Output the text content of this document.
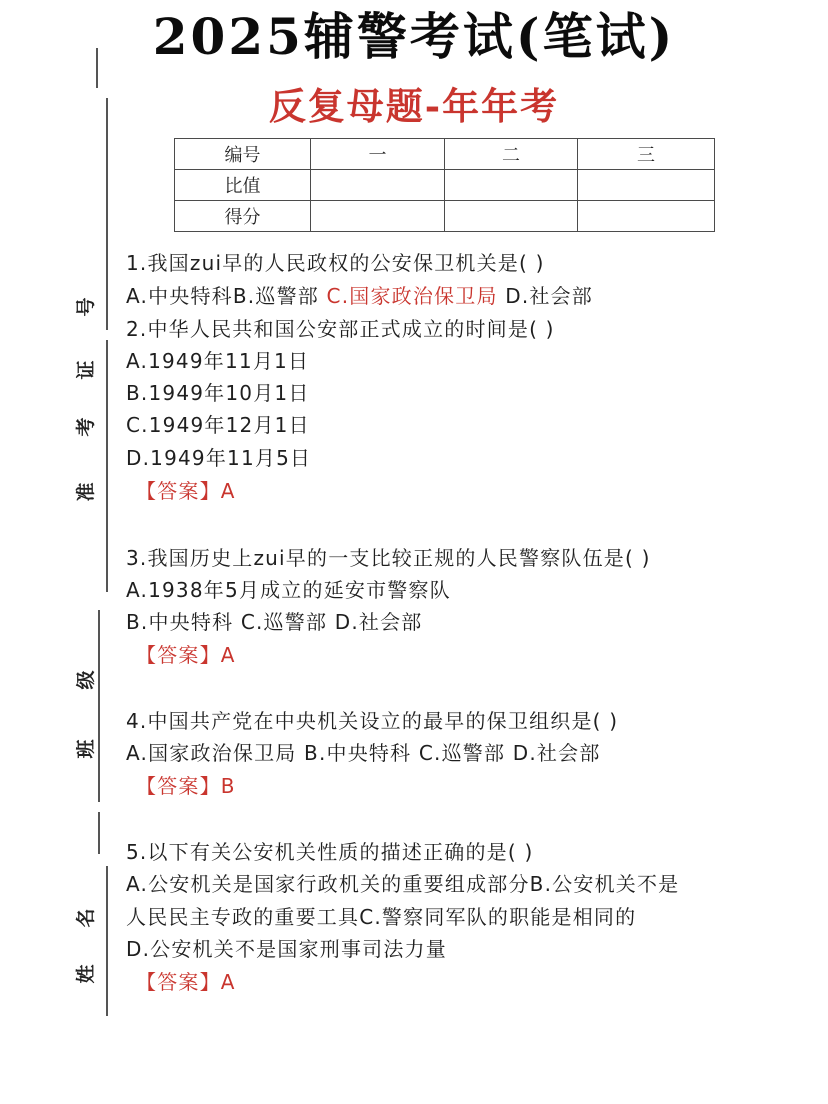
2025辅警考试(笔试)
反复母题-年年考
编号	一	二	三
比值			
得分			
号
证
考
准
级
班
名
姓
1.我国zui早的人民政权的公安保卫机关是( )
A.中央特科B.巡警部 C.国家政治保卫局 D.社会部
2.中华人民共和国公安部正式成立的时间是( )
A.1949年11月1日
B.1949年10月1日
C.1949年12月1日
D.1949年11月5日
【答案】A
3.我国历史上zui早的一支比较正规的人民警察队伍是( )
A.1938年5月成立的延安市警察队
B.中央特科 C.巡警部 D.社会部
【答案】A
4.中国共产党在中央机关设立的最早的保卫组织是( )
A.国家政治保卫局 B.中央特科 C.巡警部 D.社会部
【答案】B
5.以下有关公安机关性质的描述正确的是( )
A.公安机关是国家行政机关的重要组成部分B.公安机关不是
人民民主专政的重要工具C.警察同军队的职能是相同的
D.公安机关不是国家刑事司法力量
【答案】A
